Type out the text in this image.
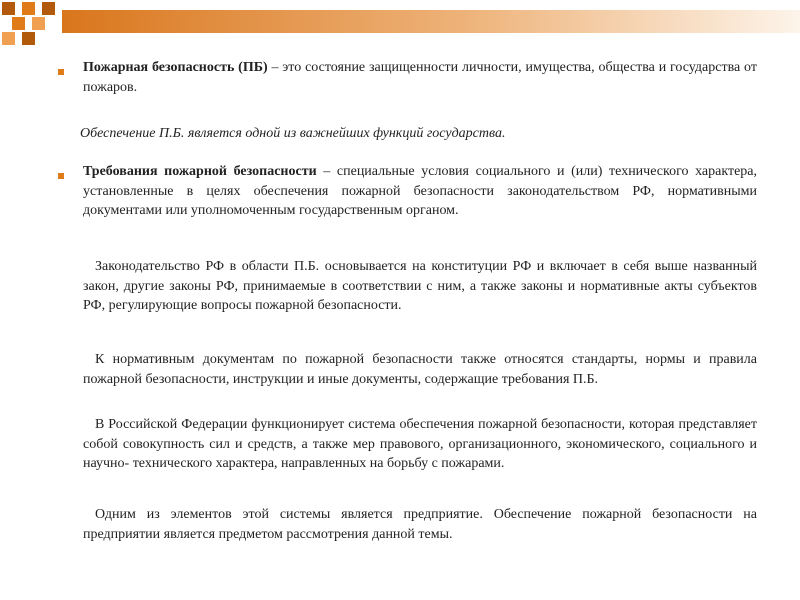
Пожарная безопасность (ПБ) – это состояние защищенности личности, имущества, общества и государства от пожаров.
Обеспечение П.Б. является одной из важнейших функций государства.
Требования пожарной безопасности – специальные условия социального и (или) технического характера, установленные в целях обеспечения пожарной безопасности законодательством РФ, нормативными документами или уполномоченным государственным органом.
Законодательство РФ в области П.Б. основывается на конституции РФ и включает в себя выше названный закон, другие законы РФ, принимаемые в соответствии с ним, а также законы и нормативные акты субъектов РФ, регулирующие вопросы пожарной безопасности.
К нормативным документам по пожарной безопасности также относятся стандарты, нормы и правила пожарной безопасности, инструкции и иные документы, содержащие требования П.Б.
В Российской Федерации функционирует система обеспечения пожарной безопасности, которая представляет собой совокупность сил и средств, а также мер правового, организационного, экономического, социального и научно- технического характера, направленных на борьбу с пожарами.
Одним из элементов этой системы является предприятие. Обеспечение пожарной безопасности на предприятии является предметом рассмотрения данной темы.
